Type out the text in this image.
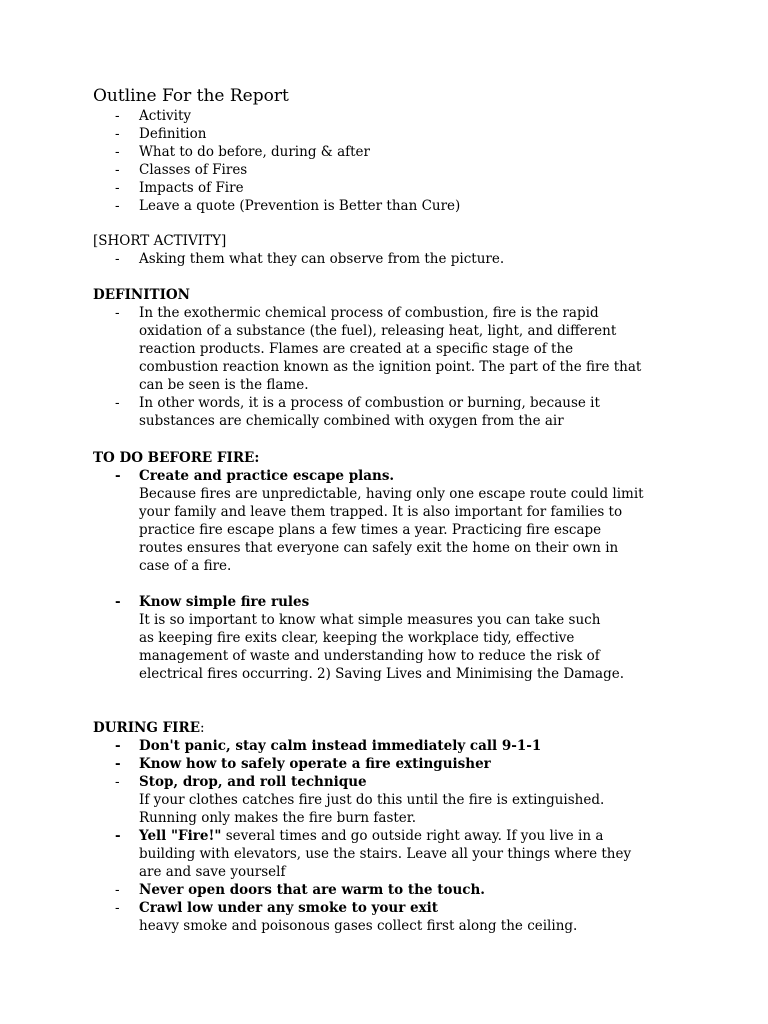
Outline For the Report
- Activity
- Definition
- What to do before, during & after
- Classes of Fires
- Impacts of Fire
- Leave a quote (Prevention is Better than Cure)
[SHORT ACTIVITY]
- Asking them what they can observe from the picture.
DEFINITION
- In the exothermic chemical process of combustion, fire is the rapid
oxidation of a substance (the fuel), releasing heat, light, and different
reaction products. Flames are created at a specific stage of the
combustion reaction known as the ignition point. The part of the fire that
can be seen is the flame.
- In other words, it is a process of combustion or burning, because it
substances are chemically combined with oxygen from the air
TO DO BEFORE FIRE:
- Create and practice escape plans.
Because fires are unpredictable, having only one escape route could limit
your family and leave them trapped. It is also important for families to
practice fire escape plans a few times a year. Practicing fire escape
routes ensures that everyone can safely exit the home on their own in
case of a fire.
- Know simple fire rules
It is so important to know what simple measures you can take such
as keeping fire exits clear, keeping the workplace tidy, effective
management of waste and understanding how to reduce the risk of
electrical fires occurring. 2) Saving Lives and Minimising the Damage.
DURING FIRE:
- Don't panic, stay calm instead immediately call 9-1-1
- Know how to safely operate a fire extinguisher
- Stop, drop, and roll technique
If your clothes catches fire just do this until the fire is extinguished.
Running only makes the fire burn faster.
- Yell "Fire!" several times and go outside right away. If you live in a
building with elevators, use the stairs. Leave all your things where they
are and save yourself
- Never open doors that are warm to the touch.
- Crawl low under any smoke to your exit
heavy smoke and poisonous gases collect first along the ceiling.
